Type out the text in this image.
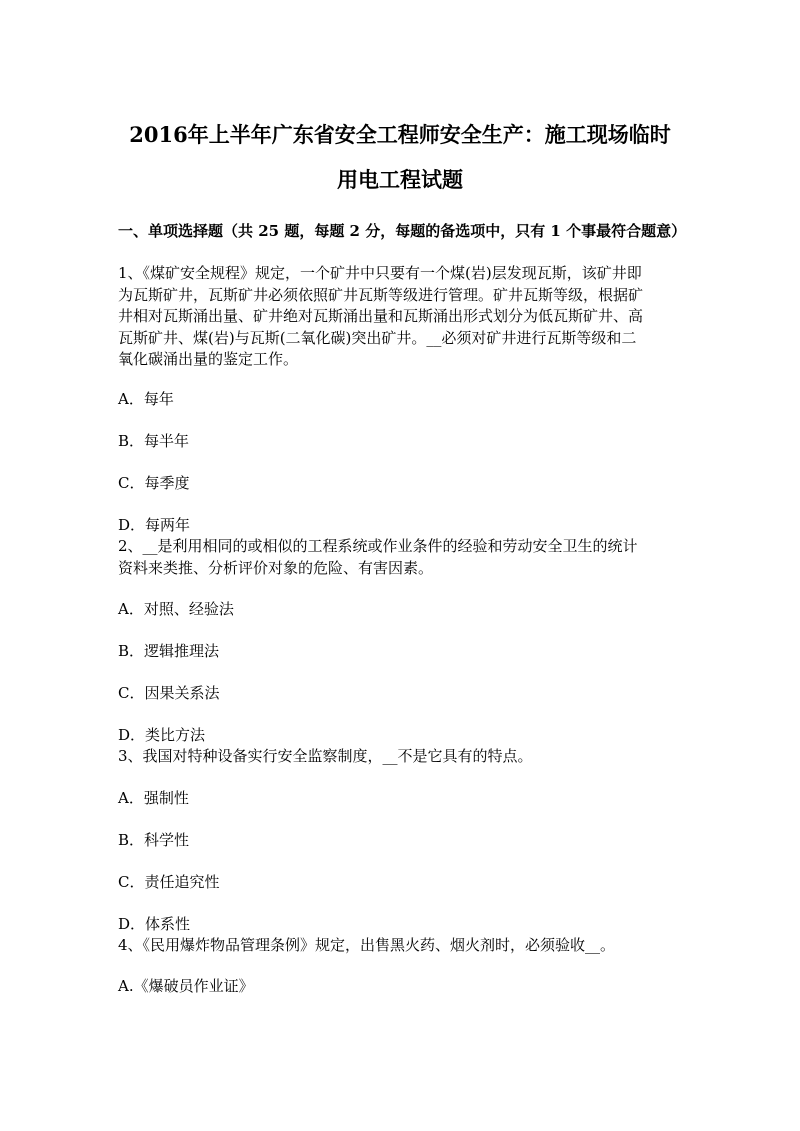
2016年上半年广东省安全工程师安全生产：施工现场临时
用电工程试题
一、单项选择题（共 25 题，每题 2 分，每题的备选项中，只有 1 个事最符合题意）
1、《煤矿安全规程》规定，一个矿井中只要有一个煤(岩)层发现瓦斯，该矿井即
为瓦斯矿井，瓦斯矿井必须依照矿井瓦斯等级进行管理。矿井瓦斯等级，根据矿
井相对瓦斯涌出量、矿井绝对瓦斯涌出量和瓦斯涌出形式划分为低瓦斯矿井、高
瓦斯矿井、煤(岩)与瓦斯(二氧化碳)突出矿井。__必须对矿井进行瓦斯等级和二
氧化碳涌出量的鉴定工作。
A．每年
B．每半年
C．每季度
D．每两年
2、__是利用相同的或相似的工程系统或作业条件的经验和劳动安全卫生的统计
资料来类推、分析评价对象的危险、有害因素。
A．对照、经验法
B．逻辑推理法
C．因果关系法
D．类比方法
3、我国对特种设备实行安全监察制度，__不是它具有的特点。
A．强制性
B．科学性
C．责任追究性
D．体系性
4、《民用爆炸物品管理条例》规定，出售黑火药、烟火剂时，必须验收__。
A.《爆破员作业证》
